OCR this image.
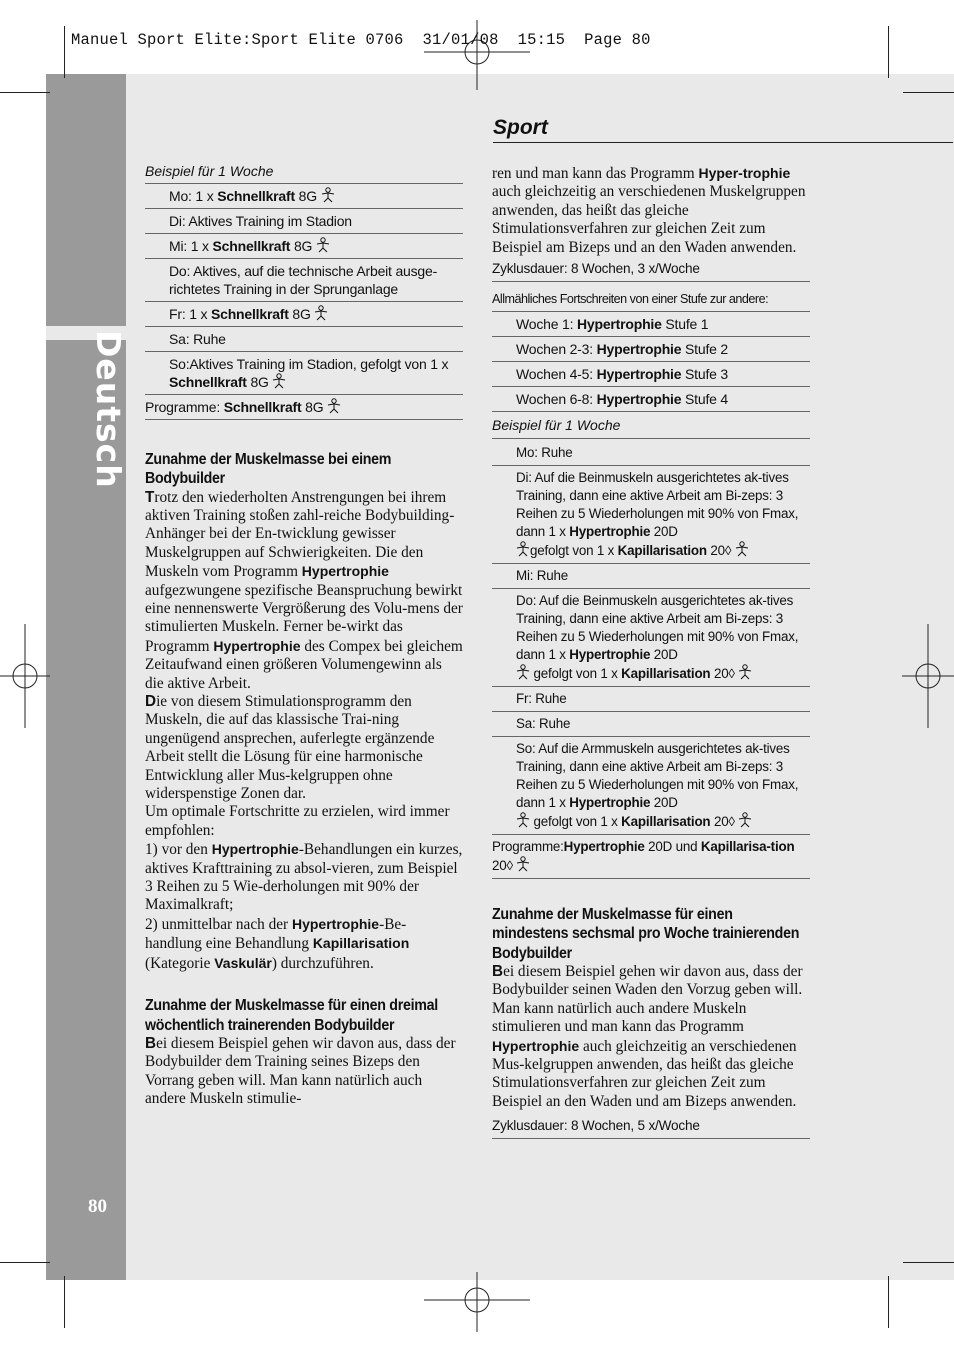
Deutsch
80
Manuel Sport Elite:Sport Elite 0706  31/01/08  15:15  Page 80
Sport
Beispiel für 1 Woche
Mo: 1 x Schnellkraft 8G
Di: Aktives Training im Stadion
Mi: 1 x Schnellkraft 8G
Do: Aktives, auf die technische Arbeit ausge-richtetes Training in der Sprunganlage
Fr: 1 x Schnellkraft 8G
Sa: Ruhe
So:Aktives Training im Stadion, gefolgt von 1 x Schnellkraft 8G
Programme: Schnellkraft 8G
Zunahme der Muskelmasse bei einem Bodybuilder
Trotz den wiederholten Anstrengungen bei ihrem aktiven Training stoßen zahl-reiche Bodybuilding-Anhänger bei der En-twicklung gewisser Muskelgruppen auf Schwierigkeiten. Die den Muskeln vom Programm Hypertrophie aufgezwungene spezifische Beanspruchung bewirkt eine nennenswerte Vergrößerung des Volu-mens der stimulierten Muskeln. Ferner be-wirkt das Programm Hypertrophie des Compex bei gleichem Zeitaufwand einen größeren Volumengewinn als die aktive Arbeit.
Die von diesem Stimulationsprogramm den Muskeln, die auf das klassische Trai-ning ungenügend ansprechen, auferlegte ergänzende Arbeit stellt die Lösung für eine harmonische Entwicklung aller Mus-kelgruppen ohne widerspenstige Zonen dar.
Um optimale Fortschritte zu erzielen, wird immer empfohlen:
1) vor den Hypertrophie-Behandlungen ein kurzes, aktives Krafttraining zu absol-vieren, zum Beispiel 3 Reihen zu 5 Wie-derholungen mit 90% der Maximalkraft;
2) unmittelbar nach der Hypertrophie-Be-handlung eine Behandlung Kapillarisation (Kategorie Vaskulär) durchzuführen.
Zunahme der Muskelmasse für einen dreimal wöchentlich trainerenden Bodybuilder
Bei diesem Beispiel gehen wir davon aus, dass der Bodybuilder dem Training seines Bizeps den Vorrang geben will. Man kann natürlich auch andere Muskeln stimulie-
ren und man kann das Programm Hyper-trophie auch gleichzeitig an verschiedenen Muskelgruppen anwenden, das heißt das gleiche Stimulationsverfahren zur gleichen Zeit zum Beispiel am Bizeps und an den Waden anwenden.
Zyklusdauer: 8 Wochen, 3 x/Woche
Allmähliches Fortschreiten von einer Stufe zur andere:
Woche 1: Hypertrophie Stufe 1
Wochen 2-3: Hypertrophie Stufe 2
Wochen 4-5: Hypertrophie Stufe 3
Wochen 6-8: Hypertrophie Stufe 4
Beispiel für 1 Woche
Mo: Ruhe
Di: Auf die Beinmuskeln ausgerichtetes ak-tives Training, dann eine aktive Arbeit am Bi-zeps: 3 Reihen zu 5 Wiederholungen mit 90% von Fmax, dann 1 x Hypertrophie 20D
gefolgt von 1 x Kapillarisation 20◊
Mi: Ruhe
Do: Auf die Beinmuskeln ausgerichtetes ak-tives Training, dann eine aktive Arbeit am Bi-zeps: 3 Reihen zu 5 Wiederholungen mit 90% von Fmax, dann 1 x Hypertrophie 20D
gefolgt von 1 x Kapillarisation 20◊
Fr: Ruhe
Sa: Ruhe
So: Auf die Armmuskeln ausgerichtetes ak-tives Training, dann eine aktive Arbeit am Bi-zeps: 3 Reihen zu 5 Wiederholungen mit 90% von Fmax, dann 1 x Hypertrophie 20D
gefolgt von 1 x Kapillarisation 20◊
Programme:Hypertrophie 20D und Kapillarisa-tion 20◊
Zunahme der Muskelmasse für einen mindestens sechsmal pro Woche trainierenden Bodybuilder
Bei diesem Beispiel gehen wir davon aus, dass der Bodybuilder seinen Waden den Vorzug geben will. Man kann natürlich auch andere Muskeln stimulieren und man kann das Programm Hypertrophie auch gleichzeitig an verschiedenen Mus-kelgruppen anwenden, das heißt das gleiche Stimulationsverfahren zur gleichen Zeit zum Beispiel an den Waden und am Bizeps anwenden.
Zyklusdauer: 8 Wochen, 5 x/Woche
